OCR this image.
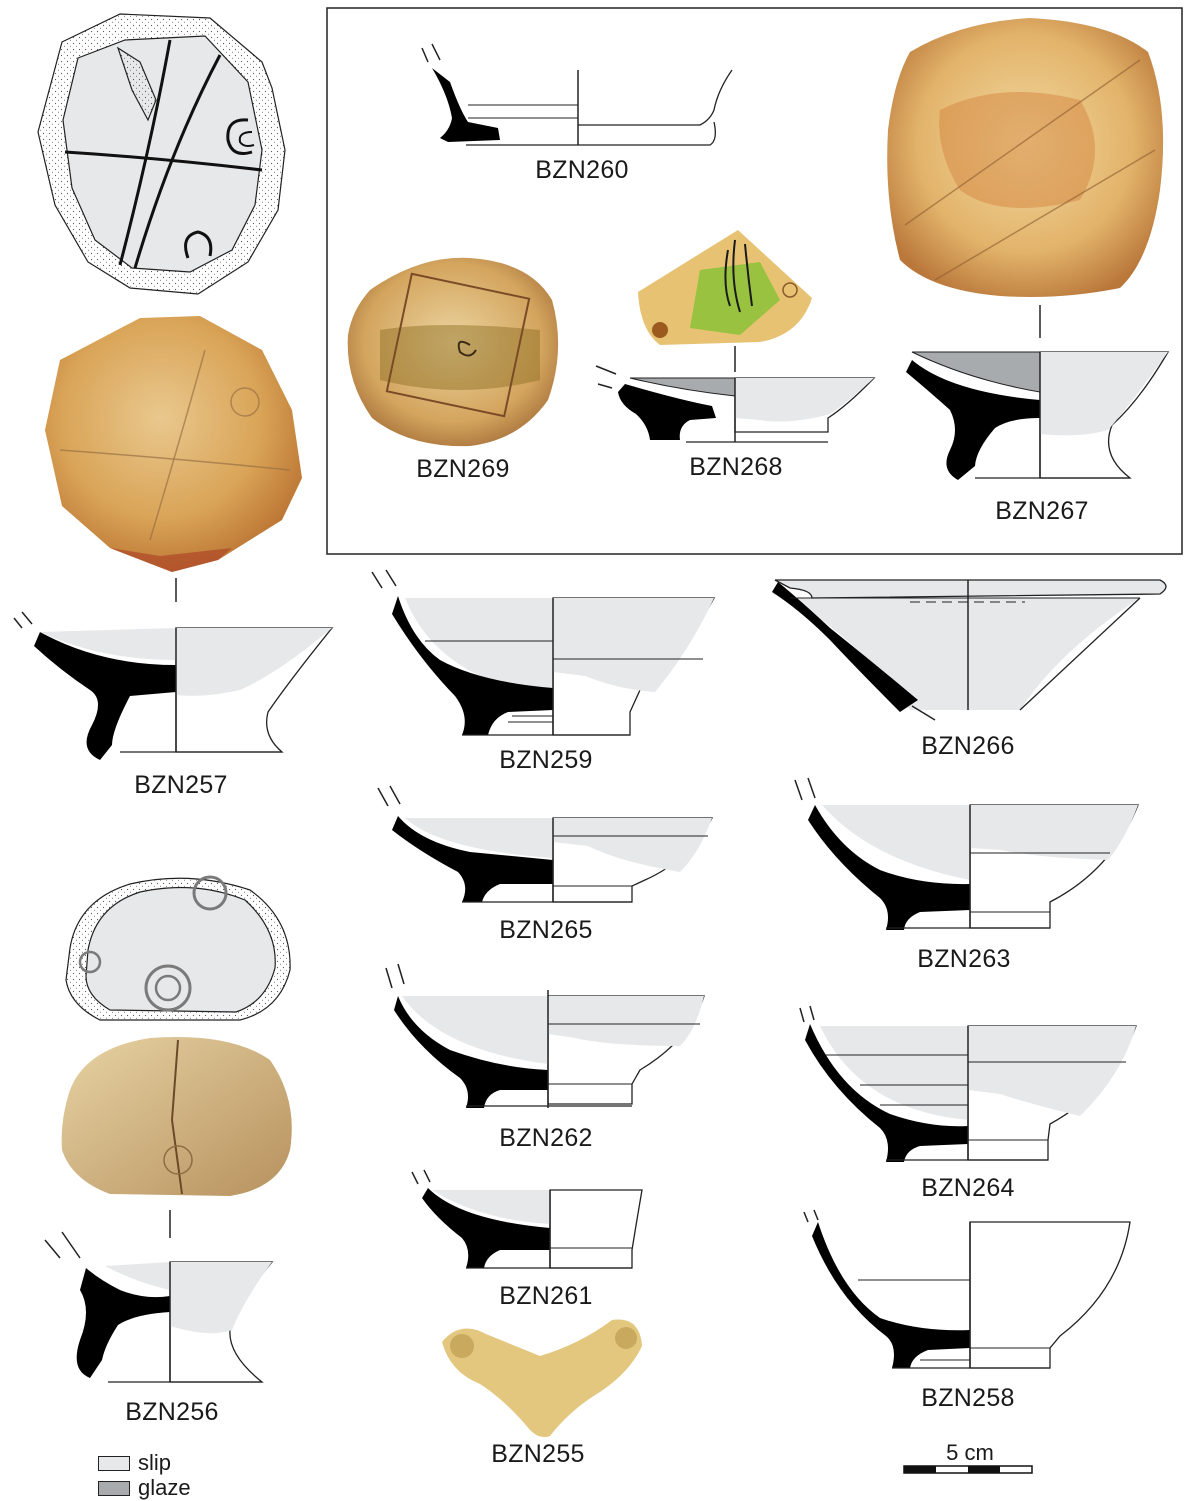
BZN260
BZN269	BZN268
BZN267
BZN257
BZN259	BZN266
BZN265
BZN263
BZN262
BZN264
BZN261
BZN258
BZN256
BZN255
slip
glaze
5 cm
